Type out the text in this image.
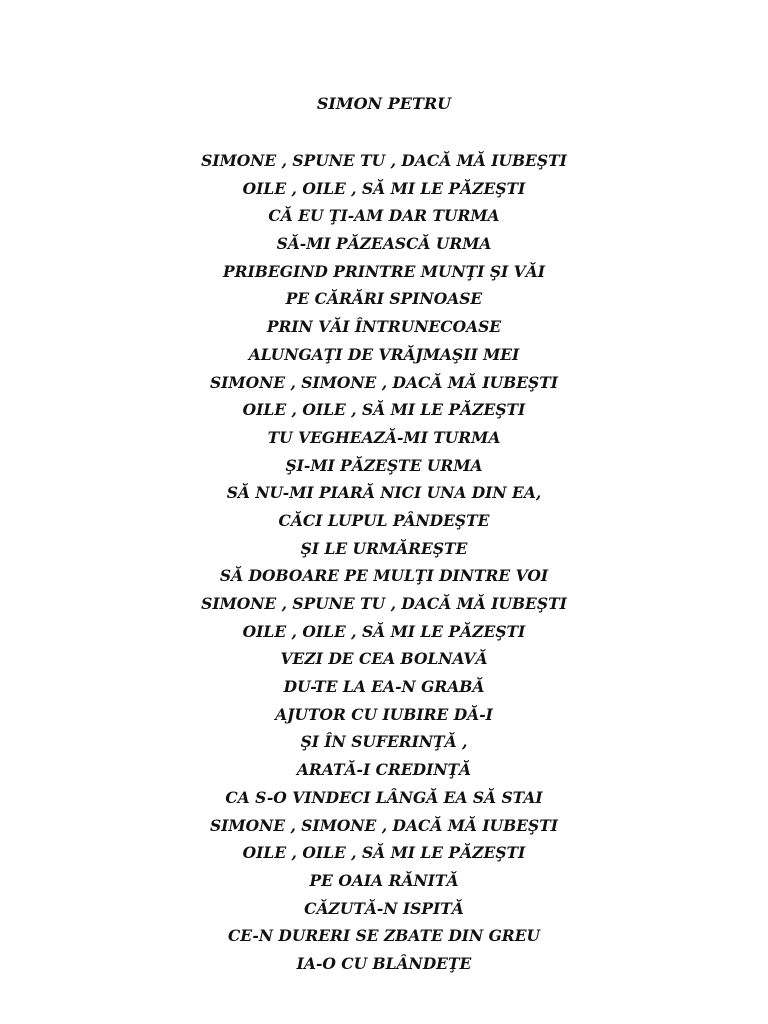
SIMON PETRU
SIMONE , SPUNE TU , DACĂ MĂ IUBEŞTI
OILE , OILE , SĂ MI LE PĂZEŞTI
CĂ EU ŢI-AM DAR TURMA
SĂ-MI PĂZEASCĂ URMA
PRIBEGIND PRINTRE MUNŢI ŞI VĂI
PE CĂRĂRI SPINOASE
PRIN VĂI ÎNTRUNECOASE
ALUNGAŢI DE VRĂJMAŞII MEI
SIMONE , SIMONE , DACĂ MĂ IUBEŞTI
OILE , OILE , SĂ MI LE PĂZEŞTI
TU VEGHEAZĂ-MI TURMA
ŞI-MI PĂZEŞTE URMA
SĂ NU-MI PIARĂ NICI UNA DIN EA,
CĂCI LUPUL PÂNDEŞTE
ŞI LE URMĂREŞTE
SĂ DOBOARE PE MULŢI DINTRE VOI
SIMONE , SPUNE TU , DACĂ MĂ IUBEŞTI
OILE , OILE , SĂ MI LE PĂZEŞTI
VEZI DE CEA BOLNAVĂ
DU-TE LA EA-N GRABĂ
AJUTOR CU IUBIRE DĂ-I
ŞI ÎN SUFERINŢĂ ,
ARATĂ-I CREDINŢĂ
CA S-O VINDECI LÂNGĂ EA SĂ STAI
SIMONE , SIMONE , DACĂ MĂ IUBEŞTI
OILE , OILE , SĂ MI LE PĂZEŞTI
PE OAIA RĂNITĂ
CĂZUTĂ-N ISPITĂ
CE-N DURERI SE ZBATE DIN GREU
IA-O CU BLÂNDEŢE
